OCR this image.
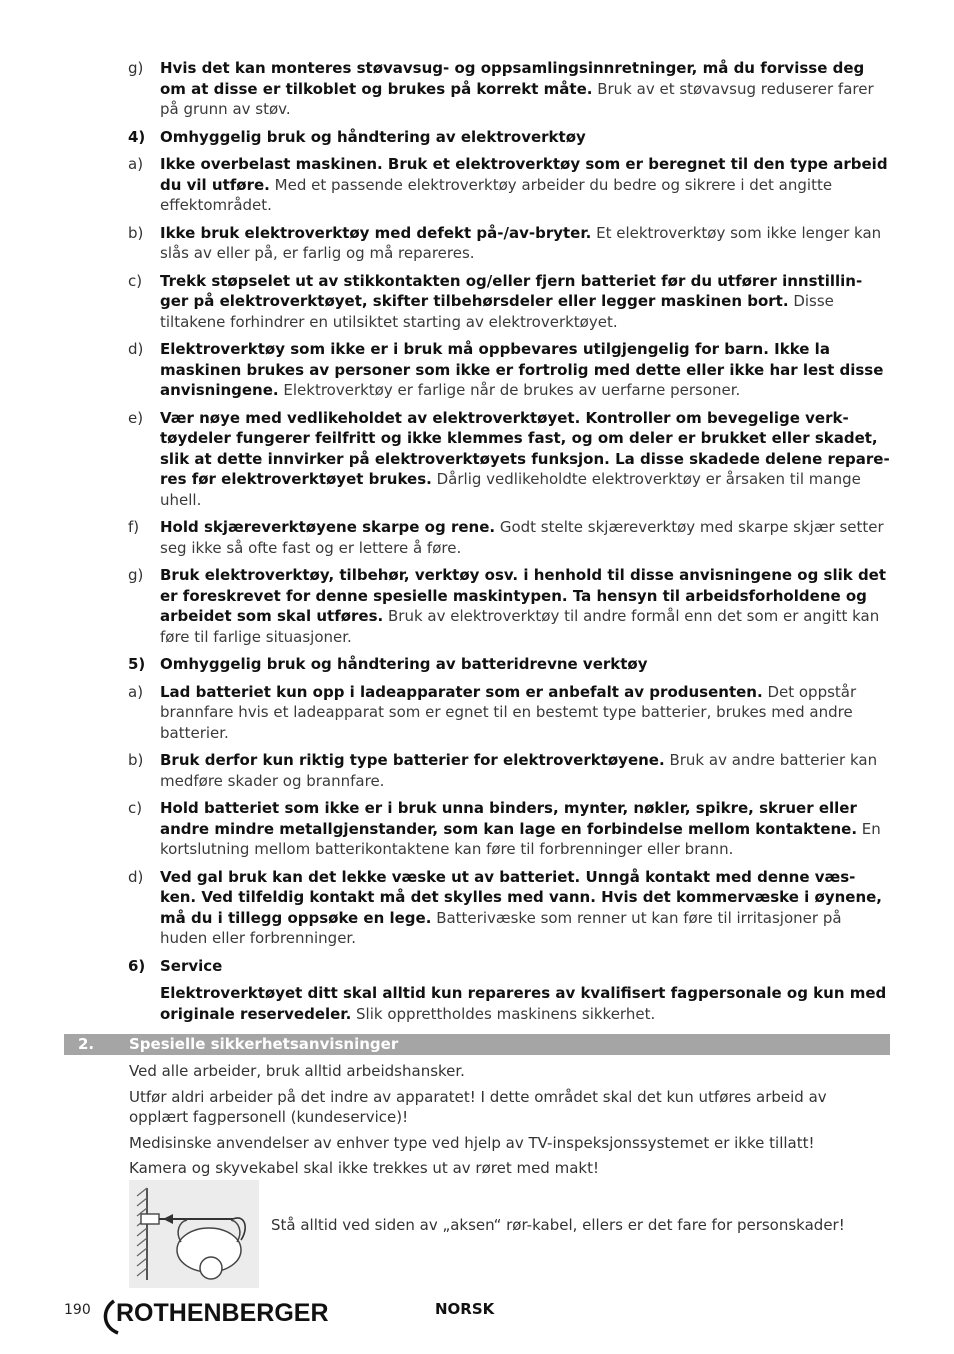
g) Hvis det kan monteres støvavsug- og oppsamlingsinnretninger, må du forvisse deg om at disse er tilkoblet og brukes på korrekt måte. Bruk av et støvavsug reduserer farer på grunn av støv.

4) Omhyggelig bruk og håndtering av elektroverktøy

a) Ikke overbelast maskinen. Bruk et elektroverktøy som er beregnet til den type arbeid du vil utføre. Med et passende elektroverktøy arbeider du bedre og sikrere i det angitte effektområdet.

b) Ikke bruk elektroverktøy med defekt på-/av-bryter. Et elektroverktøy som ikke lenger kan slås av eller på, er farlig og må repareres.

c) Trekk støpselet ut av stikkontakten og/eller fjern batteriet før du utfører innstillin-ger på elektroverktøyet, skifter tilbehørsdeler eller legger maskinen bort. Disse tiltakene forhindrer en utilsiktet starting av elektroverktøyet.

d) Elektroverktøy som ikke er i bruk må oppbevares utilgjengelig for barn. Ikke la maskinen brukes av personer som ikke er fortrolig med dette eller ikke har lest disse anvisningene. Elektroverktøy er farlige når de brukes av uerfarne personer.

e) Vær nøye med vedlikeholdet av elektroverktøyet. Kontroller om bevegelige verk-tøydeler fungerer feilfritt og ikke klemmes fast, og om deler er brukket eller skadet, slik at dette innvirker på elektroverktøyets funksjon. La disse skadede delene repare-res før elektroverktøyet brukes. Dårlig vedlikeholdte elektroverktøy er årsaken til mange uhell.

f) Hold skjæreverktøyene skarpe og rene. Godt stelte skjæreverktøy med skarpe skjær setter seg ikke så ofte fast og er lettere å føre.

g) Bruk elektroverktøy, tilbehør, verktøy osv. i henhold til disse anvisningene og slik det er foreskrevet for denne spesielle maskintypen. Ta hensyn til arbeidsforholdene og arbeidet som skal utføres. Bruk av elektroverktøy til andre formål enn det som er angitt kan føre til farlige situasjoner.

5) Omhyggelig bruk og håndtering av batteridrevne verktøy

a) Lad batteriet kun opp i ladeapparater som er anbefalt av produsenten. Det oppstår brannfare hvis et ladeapparat som er egnet til en bestemt type batterier, brukes med andre batterier.

b) Bruk derfor kun riktig type batterier for elektroverktøyene. Bruk av andre batterier kan medføre skader og brannfare.

c) Hold batteriet som ikke er i bruk unna binders, mynter, nøkler, spikre, skruer eller andre mindre metallgjenstander, som kan lage en forbindelse mellom kontaktene. En kortslutning mellom batterikontaktene kan føre til forbrenninger eller brann.

d) Ved gal bruk kan det lekke væske ut av batteriet. Unngå kontakt med denne væs-ken. Ved tilfeldig kontakt må det skylles med vann. Hvis det kommervæske i øynene, må du i tillegg oppsøke en lege. Batterivæske som renner ut kan føre til irritasjoner på huden eller forbrenninger.

6) Service

Elektroverktøyet ditt skal alltid kun repareres av kvalifisert fagpersonale og kun med originale reservedeler. Slik opprettholdes maskinens sikkerhet.

2. Spesielle sikkerhetsanvisninger

Ved alle arbeider, bruk alltid arbeidshansker.

Utfør aldri arbeider på det indre av apparatet! I dette området skal det kun utføres arbeid av opplært fagpersonell (kundeservice)!

Medisinske anvendelser av enhver type ved hjelp av TV-inspeksjonssystemet er ikke tillatt!

Kamera og skyvekabel skal ikke trekkes ut av røret med makt!

Stå alltid ved siden av „aksen“ rør-kabel, ellers er det fare for personskader!
190 ROTHENBERGER	NORSK
